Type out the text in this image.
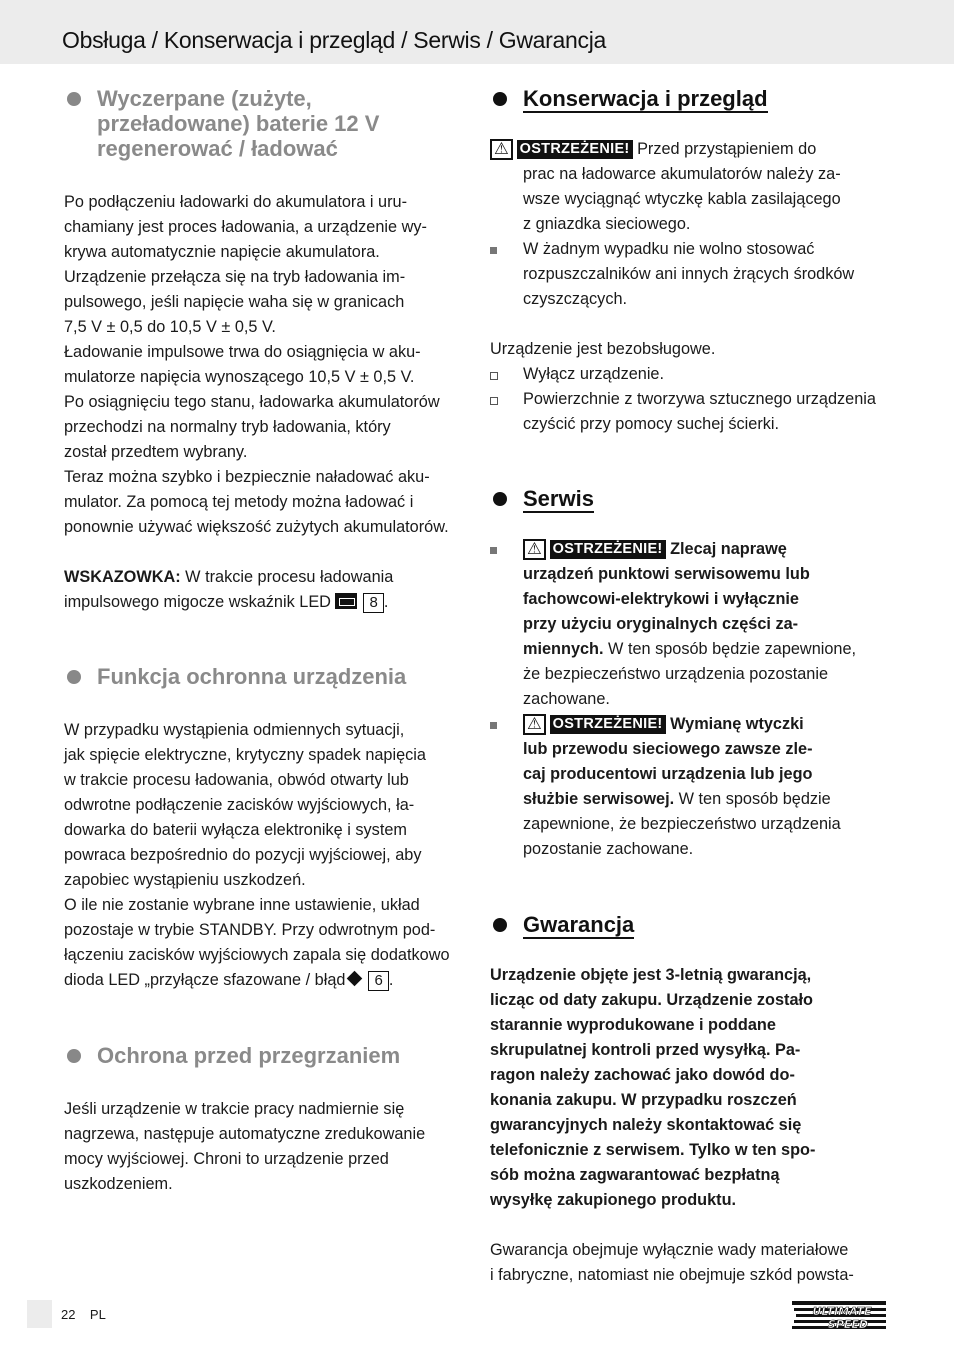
Obsługa / Konserwacja i przegląd / Serwis / Gwarancja
Wyczerpane (zużyte,
przeładowane) baterie 12 V
regenerować / ładować

Po podłączeniu ładowarki do akumulatora i uru-
chamiany jest proces ładowania, a urządzenie wy-
krywa automatycznie napięcie akumulatora.
Urządzenie przełącza się na tryb ładowania im-
pulsowego, jeśli napięcie waha się w granicach
7,5 V ± 0,5 do 10,5 V ± 0,5 V.
Ładowanie impulsowe trwa do osiągnięcia w aku-
mulatorze napięcia wynoszącego 10,5 V ± 0,5 V.
Po osiągnięciu tego stanu, ładowarka akumulatorów
przechodzi na normalny tryb ładowania, który
został przedtem wybrany.
Teraz można szybko i bezpiecznie naładować aku-
mulator. Za pomocą tej metody można ładować i
ponownie używać większość zużytych akumulatorów.

WSKAZOWKA: W trakcie procesu ładowania
impulsowego migocze wskaźnik LED	8 .

Funkcja ochronna urządzenia

W przypadku wystąpienia odmiennych sytuacji,
jak spięcie elektryczne, krytyczny spadek napięcia
w trakcie procesu ładowania, obwód otwarty lub
odwrotne podłączenie zacisków wyjściowych, ła-
dowarka do baterii wyłącza elektronikę i system
powraca bezpośrednio do pozycji wyjściowej, aby
zapobiec wystąpieniu uszkodzeń.
O ile nie zostanie wybrane inne ustawienie, układ
pozostaje w trybie STANDBY. Przy odwrotnym pod-
łączeniu zacisków wyjściowych zapala się dodatkowo
dioda LED „przyłącze sfazowane / błąd 6 .

Ochrona przed przegrzaniem

Jeśli urządzenie w trakcie pracy nadmiernie się
nagrzewa, następuje automatyczne zredukowanie
mocy wyjściowej. Chroni to urządzenie przed
uszkodzeniem.

Konserwacja i przegląd
⚠ OSTRZEŻENIE! Przed przystąpieniem do
prac na ładowarce akumulatorów należy za-
wsze wyciągnąć wtyczkę kabla zasilającego
z gniazdka sieciowego.
W żadnym wypadku nie wolno stosować
rozpuszczalników ani innych żrących środków
czyszczących.

Urządzenie jest bezobsługowe.

Wyłącz urządzenie.
Powierzchnie z tworzywa sztucznego urządzenia
czyścić przy pomocy suchej ścierki.
Serwis
⚠ OSTRZEŻENIE! Zlecaj naprawę
urządzeń punktowi serwisowemu lub
fachowcowi-elektrykowi i wyłącznie
przy użyciu oryginalnych części za-
miennych. W ten sposób będzie zapewnione,
że bezpieczeństwo urządzenia pozostanie
zachowane.
⚠ OSTRZEŻENIE! Wymianę wtyczki
lub przewodu sieciowego zawsze zle-
caj producentowi urządzenia lub jego
służbie serwisowej. W ten sposób będzie
zapewnione, że bezpieczeństwo urządzenia
pozostanie zachowane.
Gwarancja

Urządzenie objęte jest 3-letnią gwarancją,
licząc od daty zakupu. Urządzenie zostało
starannie wyprodukowane i poddane
skrupulatnej kontroli przed wysyłką. Pa-
ragon należy zachować jako dowód do-
konania zakupu. W przypadku roszczeń
gwarancyjnych należy skontaktować się
telefonicznie z serwisem. Tylko w ten spo-
sób można zagwarantować bezpłatną
wysyłkę zakupionego produktu.

Gwarancja obejmuje wyłącznie wady materiałowe
i fabryczne, natomiast nie obejmuje szkód powsta-

22 PL	ULTIMATE
SPEED
